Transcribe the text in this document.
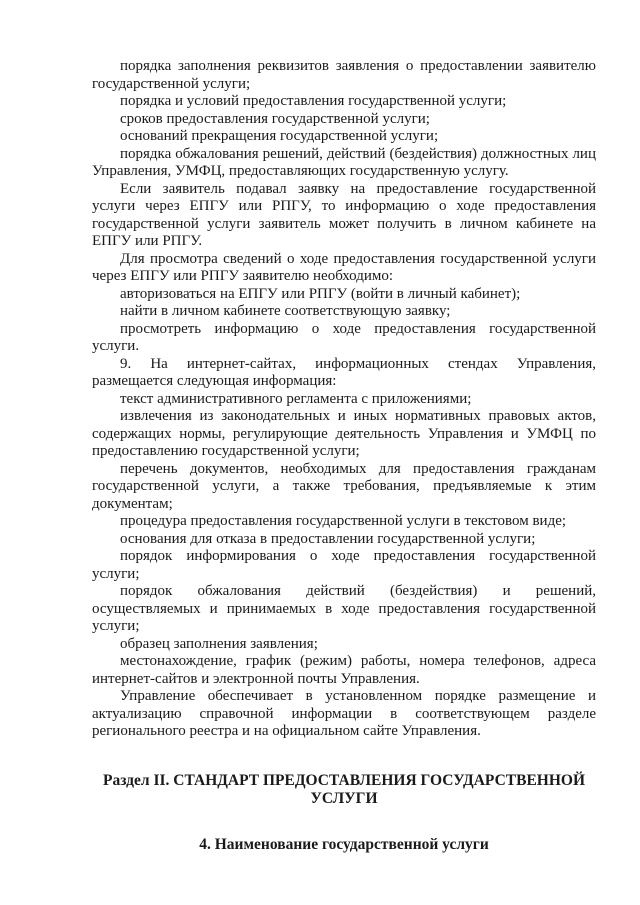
порядка заполнения реквизитов заявления о предоставлении заявителю государственной услуги;

порядка и условий предоставления государственной услуги;

сроков предоставления государственной услуги;

оснований прекращения государственной услуги;

порядка обжалования решений, действий (бездействия) должностных лиц Управления, УМФЦ, предоставляющих государственную услугу.

Если заявитель подавал заявку на предоставление государственной услуги через ЕПГУ или РПГУ, то информацию о ходе предоставления государственной услуги заявитель может получить в личном кабинете на ЕПГУ или РПГУ.

Для просмотра сведений о ходе предоставления государственной услуги через ЕПГУ или РПГУ заявителю необходимо:

авторизоваться на ЕПГУ или РПГУ (войти в личный кабинет);

найти в личном кабинете соответствующую заявку;

просмотреть информацию о ходе предоставления государственной услуги.

9. На интернет-сайтах, информационных стендах Управления, размещается следующая информация:

текст административного регламента с приложениями;

извлечения из законодательных и иных нормативных правовых актов, содержащих нормы, регулирующие деятельность Управления и УМФЦ по предоставлению государственной услуги;

перечень документов, необходимых для предоставления гражданам государственной услуги, а также требования, предъявляемые к этим документам;

процедура предоставления государственной услуги в текстовом виде;

основания для отказа в предоставлении государственной услуги;

порядок информирования о ходе предоставления государственной услуги;

порядок обжалования действий (бездействия) и решений, осуществляемых и принимаемых в ходе предоставления государственной услуги;

образец заполнения заявления;

местонахождение, график (режим) работы, номера телефонов, адреса интернет-сайтов и электронной почты Управления.

Управление обеспечивает в установленном порядке размещение и актуализацию справочной информации в соответствующем разделе регионального реестра и на официальном сайте Управления.

Раздел II. СТАНДАРТ ПРЕДОСТАВЛЕНИЯ ГОСУДАРСТВЕННОЙ УСЛУГИ
4. Наименование государственной услуги
